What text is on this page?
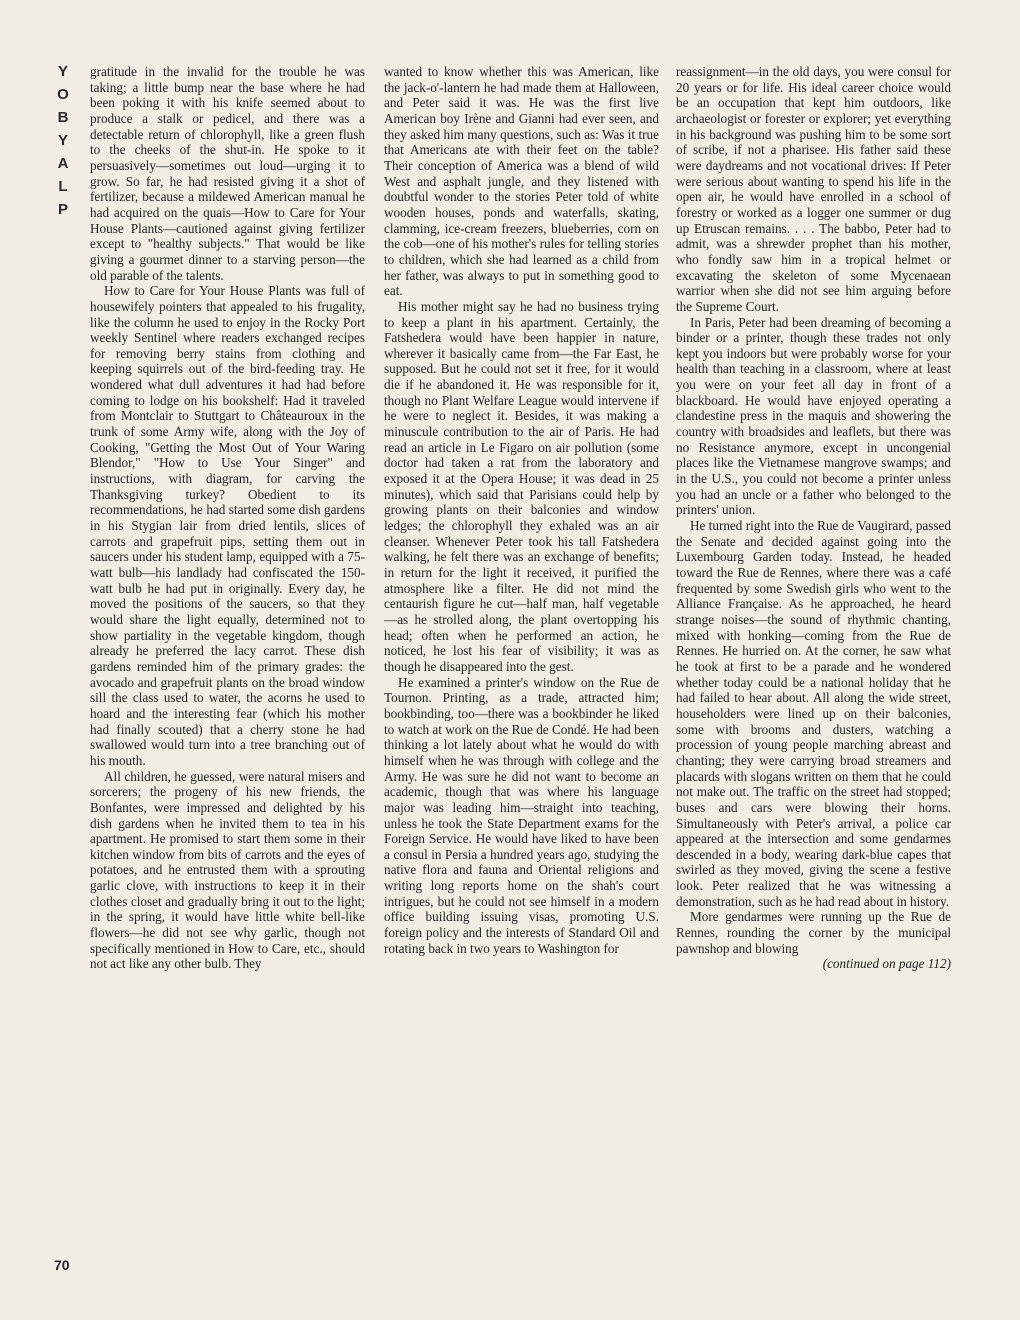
Y
O
B
Y
A
L
P

gratitude in the invalid for the trouble he was taking; a little bump near the base where he had been poking it with his knife seemed about to produce a stalk or pedicel, and there was a detectable return of chlorophyll, like a green flush to the cheeks of the shut-in. He spoke to it persuasively—sometimes out loud—urging it to grow. So far, he had resisted giving it a shot of fertilizer, because a mildewed American manual he had acquired on the quais—How to Care for Your House Plants—cautioned against giving fertilizer except to "healthy subjects." That would be like giving a gourmet dinner to a starving person—the old parable of the talents.

How to Care for Your House Plants was full of housewifely pointers that appealed to his frugality, like the column he used to enjoy in the Rocky Port weekly Sentinel where readers exchanged recipes for removing berry stains from clothing and keeping squirrels out of the bird-feeding tray. He wondered what dull adventures it had had before coming to lodge on his bookshelf: Had it traveled from Montclair to Stuttgart to Châteauroux in the trunk of some Army wife, along with the Joy of Cooking, "Getting the Most Out of Your Waring Blendor," "How to Use Your Singer" and instructions, with diagram, for carving the Thanksgiving turkey? Obedient to its recommendations, he had started some dish gardens in his Stygian lair from dried lentils, slices of carrots and grapefruit pips, setting them out in saucers under his student lamp, equipped with a 75-watt bulb—his landlady had confiscated the 150-watt bulb he had put in originally. Every day, he moved the positions of the saucers, so that they would share the light equally, determined not to show partiality in the vegetable kingdom, though already he preferred the lacy carrot. These dish gardens reminded him of the primary grades: the avocado and grapefruit plants on the broad window sill the class used to water, the acorns he used to hoard and the interesting fear (which his mother had finally scouted) that a cherry stone he had swallowed would turn into a tree branching out of his mouth.

All children, he guessed, were natural misers and sorcerers; the progeny of his new friends, the Bonfantes, were impressed and delighted by his dish gardens when he invited them to tea in his apartment. He promised to start them some in their kitchen window from bits of carrots and the eyes of potatoes, and he entrusted them with a sprouting garlic clove, with instructions to keep it in their clothes closet and gradually bring it out to the light; in the spring, it would have little white bell-like flowers—he did not see why garlic, though not specifically mentioned in How to Care, etc., should not act like any other bulb. They

wanted to know whether this was American, like the jack-o'-lantern he had made them at Halloween, and Peter said it was. He was the first live American boy Irène and Gianni had ever seen, and they asked him many questions, such as: Was it true that Americans ate with their feet on the table? Their conception of America was a blend of wild West and asphalt jungle, and they listened with doubtful wonder to the stories Peter told of white wooden houses, ponds and waterfalls, skating, clamming, ice-cream freezers, blueberries, corn on the cob—one of his mother's rules for telling stories to children, which she had learned as a child from her father, was always to put in something good to eat.

His mother might say he had no business trying to keep a plant in his apartment. Certainly, the Fatshedera would have been happier in nature, wherever it basically came from—the Far East, he supposed. But he could not set it free, for it would die if he abandoned it. He was responsible for it, though no Plant Welfare League would intervene if he were to neglect it. Besides, it was making a minuscule contribution to the air of Paris. He had read an article in Le Figaro on air pollution (some doctor had taken a rat from the laboratory and exposed it at the Opera House; it was dead in 25 minutes), which said that Parisians could help by growing plants on their balconies and window ledges; the chlorophyll they exhaled was an air cleanser. Whenever Peter took his tall Fatshedera walking, he felt there was an exchange of benefits; in return for the light it received, it purified the atmosphere like a filter. He did not mind the centaurish figure he cut—half man, half vegetable—as he strolled along, the plant overtopping his head; often when he performed an action, he noticed, he lost his fear of visibility; it was as though he disappeared into the gest.

He examined a printer's window on the Rue de Tournon. Printing, as a trade, attracted him; bookbinding, too—there was a bookbinder he liked to watch at work on the Rue de Condé. He had been thinking a lot lately about what he would do with himself when he was through with college and the Army. He was sure he did not want to become an academic, though that was where his language major was leading him—straight into teaching, unless he took the State Department exams for the Foreign Service. He would have liked to have been a consul in Persia a hundred years ago, studying the native flora and fauna and Oriental religions and writing long reports home on the shah's court intrigues, but he could not see himself in a modern office building issuing visas, promoting U.S. foreign policy and the interests of Standard Oil and rotating back in two years to Washington for

reassignment—in the old days, you were consul for 20 years or for life. His ideal career choice would be an occupation that kept him outdoors, like archaeologist or forester or explorer; yet everything in his background was pushing him to be some sort of scribe, if not a pharisee. His father said these were daydreams and not vocational drives: If Peter were serious about wanting to spend his life in the open air, he would have enrolled in a school of forestry or worked as a logger one summer or dug up Etruscan remains. . . . The babbo, Peter had to admit, was a shrewder prophet than his mother, who fondly saw him in a tropical helmet or excavating the skeleton of some Mycenaean warrior when she did not see him arguing before the Supreme Court.

In Paris, Peter had been dreaming of becoming a binder or a printer, though these trades not only kept you indoors but were probably worse for your health than teaching in a classroom, where at least you were on your feet all day in front of a blackboard. He would have enjoyed operating a clandestine press in the maquis and showering the country with broadsides and leaflets, but there was no Resistance anymore, except in uncongenial places like the Vietnamese mangrove swamps; and in the U.S., you could not become a printer unless you had an uncle or a father who belonged to the printers' union.

He turned right into the Rue de Vaugirard, passed the Senate and decided against going into the Luxembourg Garden today. Instead, he headed toward the Rue de Rennes, where there was a café frequented by some Swedish girls who went to the Alliance Française. As he approached, he heard strange noises—the sound of rhythmic chanting, mixed with honking—coming from the Rue de Rennes. He hurried on. At the corner, he saw what he took at first to be a parade and he wondered whether today could be a national holiday that he had failed to hear about. All along the wide street, householders were lined up on their balconies, some with brooms and dusters, watching a procession of young people marching abreast and chanting; they were carrying broad streamers and placards with slogans written on them that he could not make out. The traffic on the street had stopped; buses and cars were blowing their horns. Simultaneously with Peter's arrival, a police car appeared at the intersection and some gendarmes descended in a body, wearing dark-blue capes that swirled as they moved, giving the scene a festive look. Peter realized that he was witnessing a demonstration, such as he had read about in history.

More gendarmes were running up the Rue de Rennes, rounding the corner by the municipal pawnshop and blowing

(continued on page 112)

70
